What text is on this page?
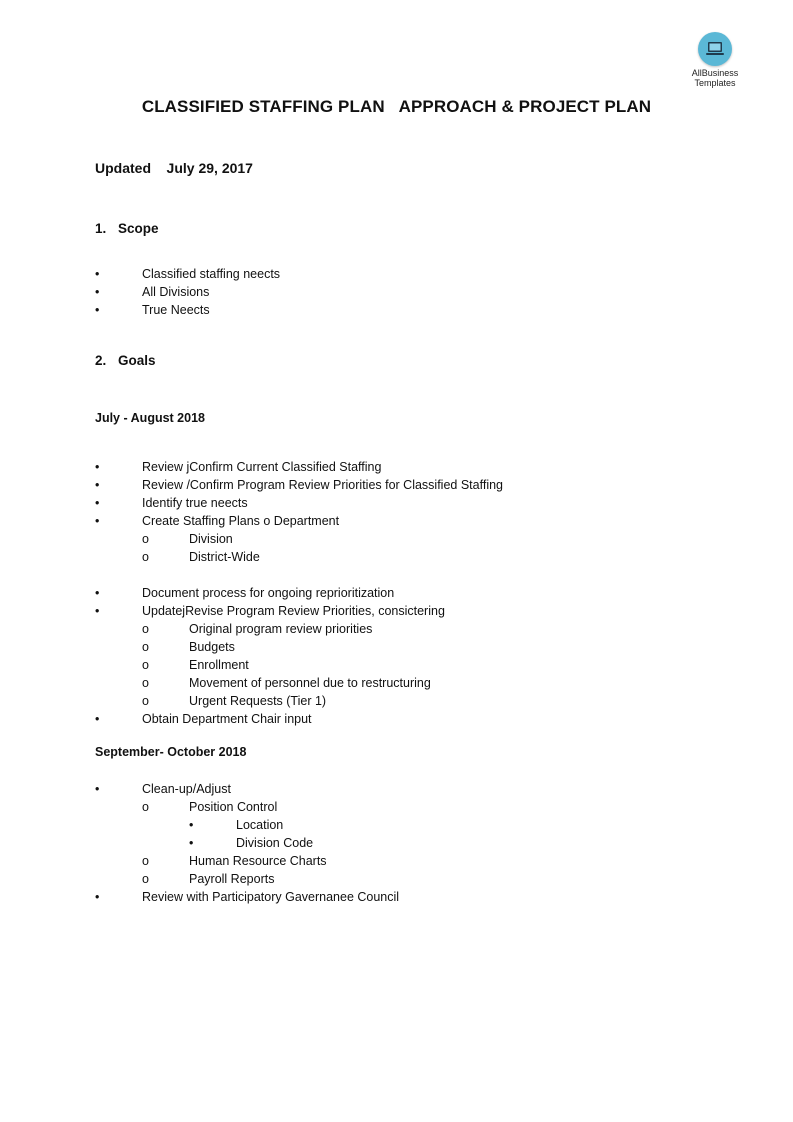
AllBusiness
Templates
CLASSIFIED STAFFING PLAN   APPROACH & PROJECT PLAN
Updated    July 29, 2017
1. Scope
•	Classified staffing neects
•	All Divisions
•	True Neects
2. Goals
July - August 2018
•	Review jConfirm Current Classified Staffing
•	Review /Confirm Program Review Priorities for Classified Staffing
•	Identify true neects
•	Create Staffing Plans o Department
o	Division
o	District-Wide
•	Document process for ongoing reprioritization
•	UpdatejRevise Program Review Priorities, consictering
o	Original program review priorities
o	Budgets
o	Enrollment
o	Movement of personnel due to restructuring
o	Urgent Requests (Tier 1)
•	Obtain Department Chair input
September- October 2018
•	Clean-up/Adjust
o	Position Control
•	Location
•	Division Code
o	Human Resource Charts
o	Payroll Reports
•	Review with Participatory Gavernanee Council
